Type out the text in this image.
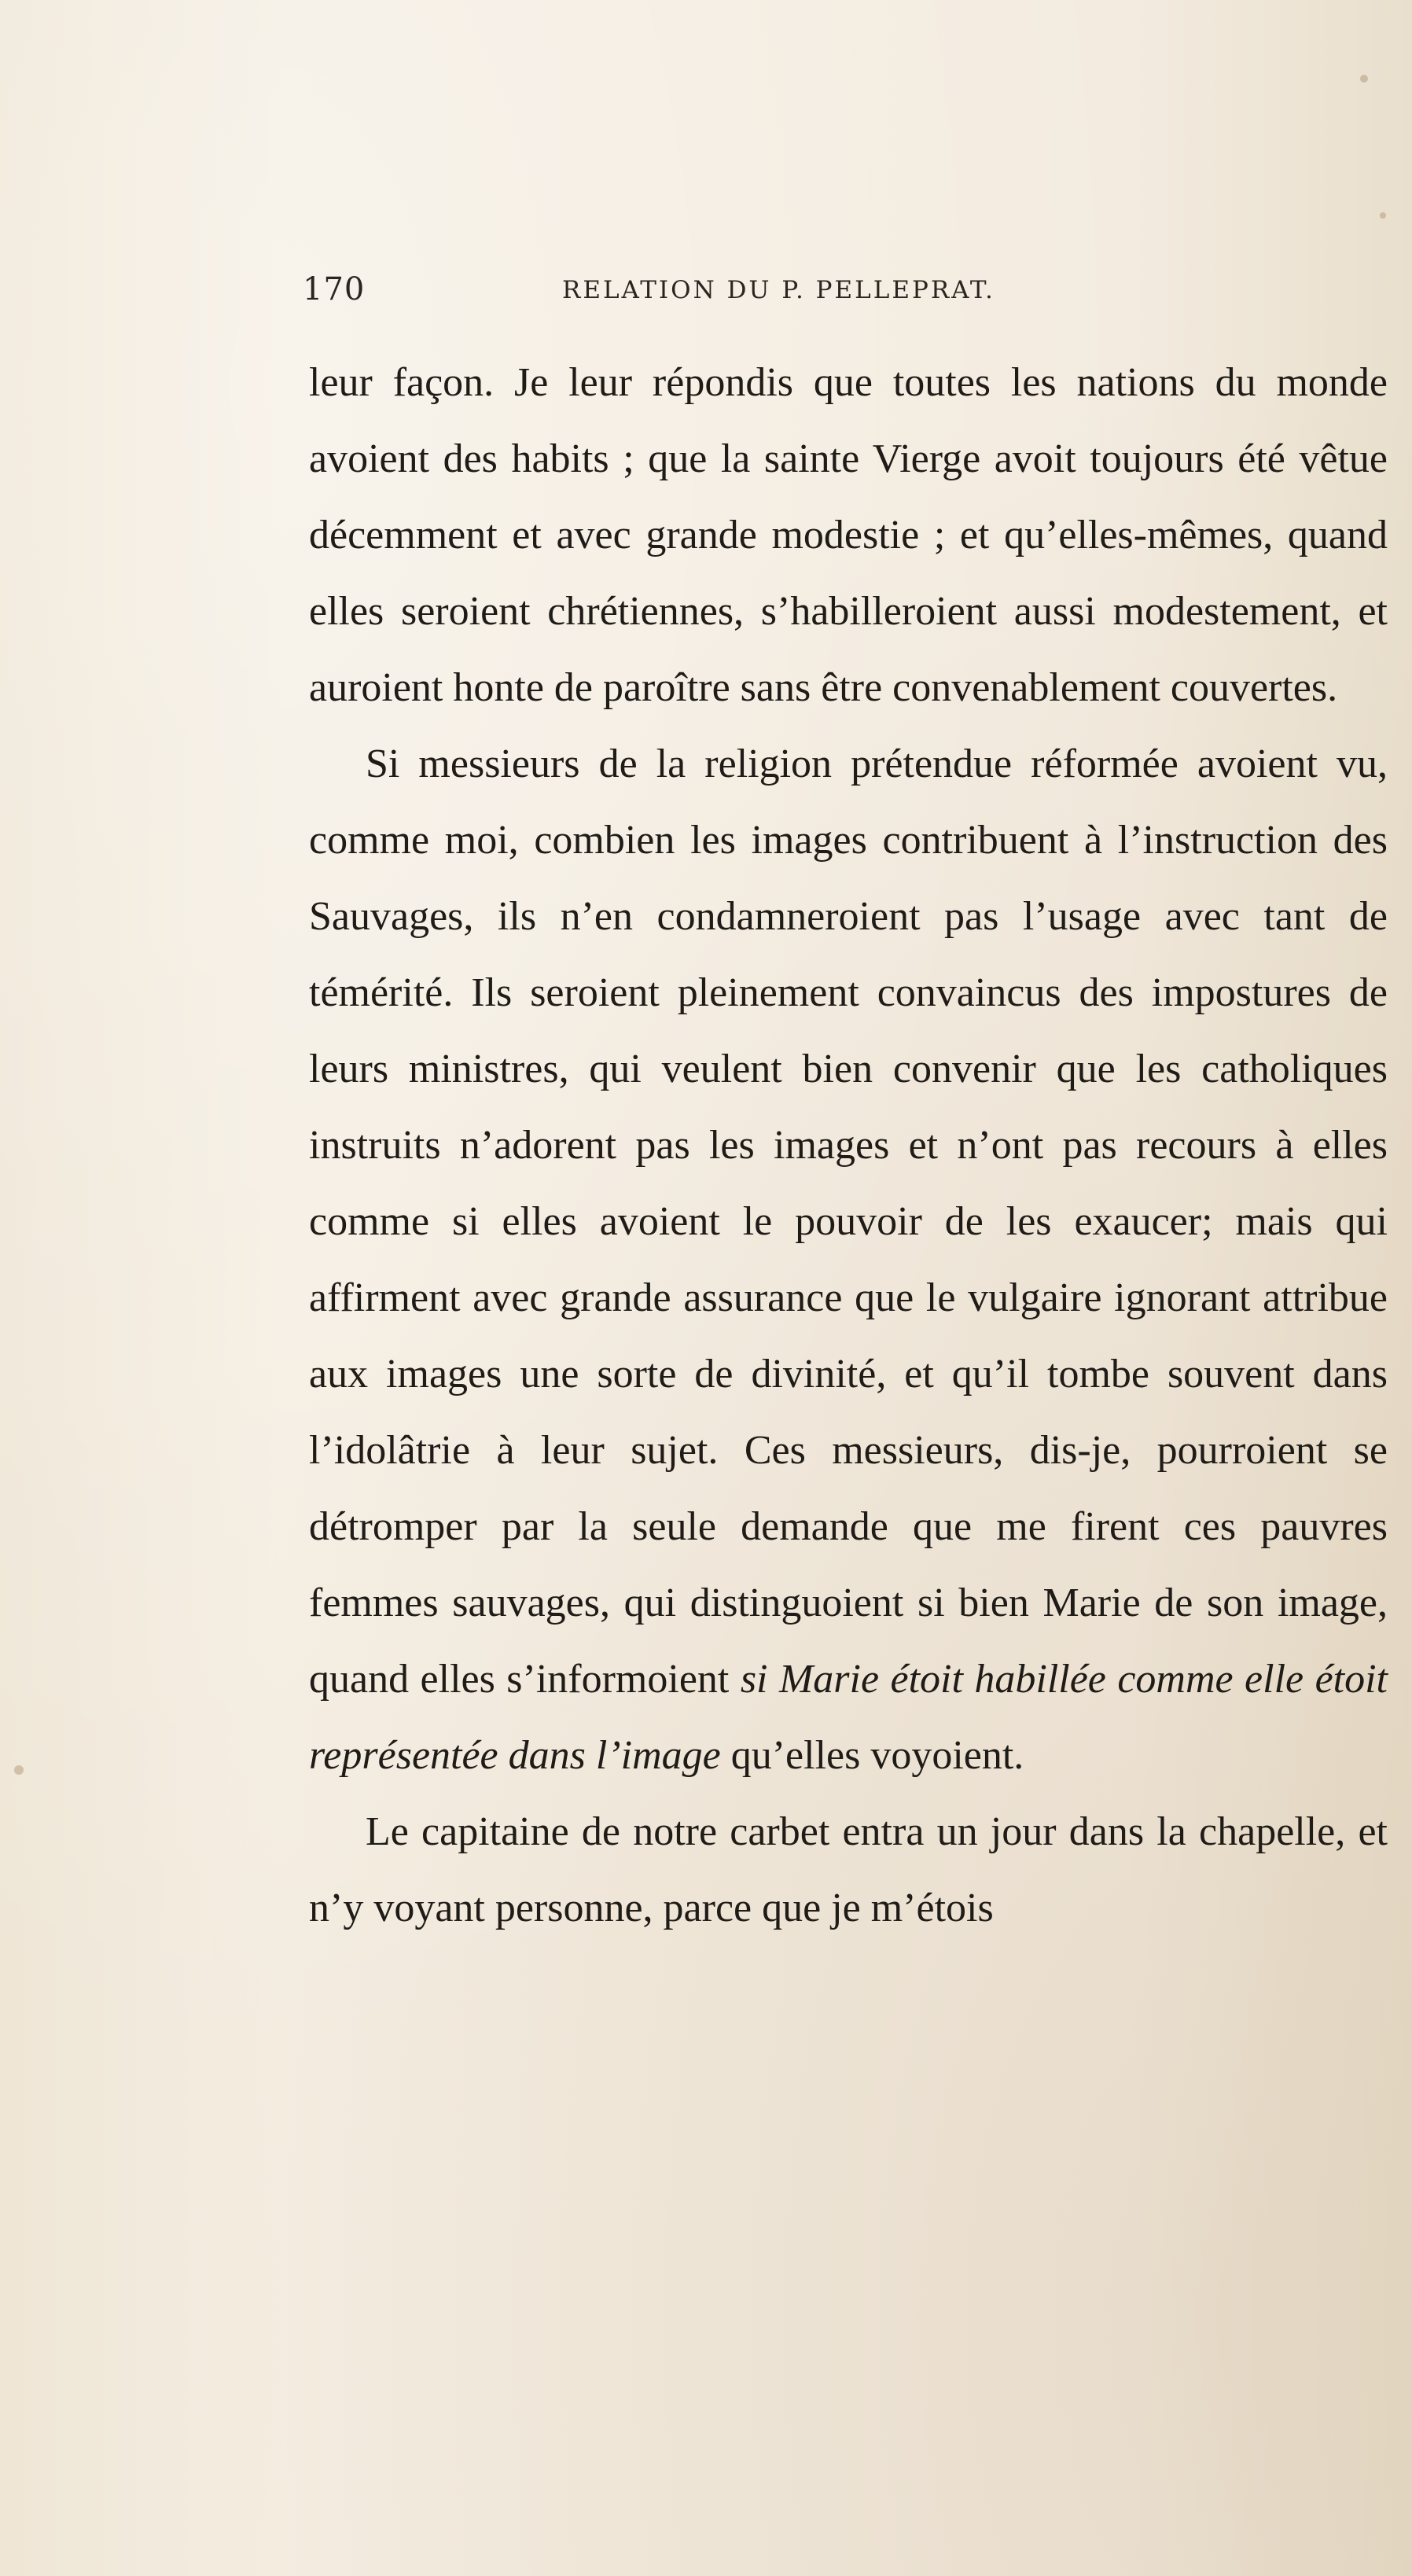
170	RELATION DU P. PELLEPRAT.

leur façon. Je leur répondis que toutes les nations du monde avoient des habits ; que la sainte Vierge avoit toujours été vêtue décemment et avec grande modestie ; et qu’elles-mêmes, quand elles seroient chrétiennes, s’habilleroient aussi modestement, et auroient honte de paroître sans être convenablement couvertes.

Si messieurs de la religion prétendue réformée avoient vu, comme moi, combien les images contribuent à l’instruction des Sauvages, ils n’en condamneroient pas l’usage avec tant de témérité. Ils seroient pleinement convaincus des impostures de leurs ministres, qui veulent bien convenir que les catholiques instruits n’adorent pas les images et n’ont pas recours à elles comme si elles avoient le pouvoir de les exaucer; mais qui affirment avec grande assurance que le vulgaire ignorant attribue aux images une sorte de divinité, et qu’il tombe souvent dans l’idolâtrie à leur sujet. Ces messieurs, dis-je, pourroient se détromper par la seule demande que me firent ces pauvres femmes sauvages, qui distinguoient si bien Marie de son image, quand elles s’informoient si Marie étoit habillée comme elle étoit représentée dans l’image qu’elles voyoient.

Le capitaine de notre carbet entra un jour dans la chapelle, et n’y voyant personne, parce que je m’étois
